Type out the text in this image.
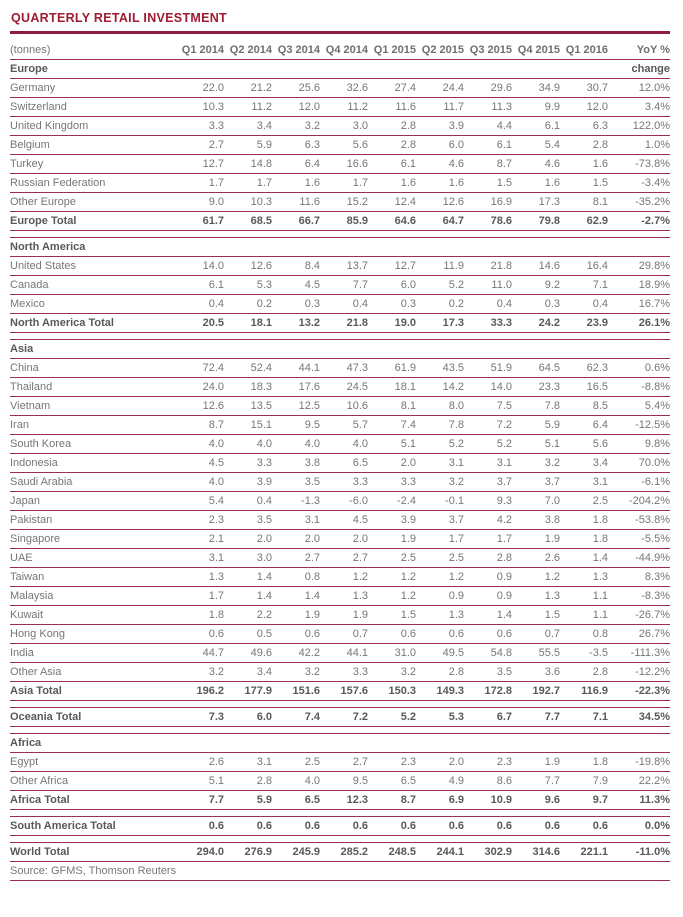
QUARTERLY RETAIL INVESTMENT
(tonnes)	Q1 2014	Q2 2014	Q3 2014	Q4 2014	Q1 2015	Q2 2015	Q3 2015	Q4 2015	Q1 2016	YoY %
Europe										change
Germany	22.0	21.2	25.6	32.6	27.4	24.4	29.6	34.9	30.7	12.0%
Switzerland	10.3	11.2	12.0	11.2	11.6	11.7	11.3	9.9	12.0	3.4%
United Kingdom	3.3	3.4	3.2	3.0	2.8	3.9	4.4	6.1	6.3	122.0%
Belgium	2.7	5.9	6.3	5.6	2.8	6.0	6.1	5.4	2.8	1.0%
Turkey	12.7	14.8	6.4	16.6	6.1	4.6	8.7	4.6	1.6	-73.8%
Russian Federation	1.7	1.7	1.6	1.7	1.6	1.6	1.5	1.6	1.5	-3.4%
Other Europe	9.0	10.3	11.6	15.2	12.4	12.6	16.9	17.3	8.1	-35.2%
Europe Total	61.7	68.5	66.7	85.9	64.6	64.7	78.6	79.8	62.9	-2.7%

North America										
United States	14.0	12.6	8.4	13.7	12.7	11.9	21.8	14.6	16.4	29.8%
Canada	6.1	5.3	4.5	7.7	6.0	5.2	11.0	9.2	7.1	18.9%
Mexico	0.4	0.2	0.3	0.4	0.3	0.2	0.4	0.3	0.4	16.7%
North America Total	20.5	18.1	13.2	21.8	19.0	17.3	33.3	24.2	23.9	26.1%

Asia										
China	72.4	52.4	44.1	47.3	61.9	43.5	51.9	64.5	62.3	0.6%
Thailand	24.0	18.3	17.6	24.5	18.1	14.2	14.0	23.3	16.5	-8.8%
Vietnam	12.6	13.5	12.5	10.6	8.1	8.0	7.5	7.8	8.5	5.4%
Iran	8.7	15.1	9.5	5.7	7.4	7.8	7.2	5.9	6.4	-12.5%
South Korea	4.0	4.0	4.0	4.0	5.1	5.2	5.2	5.1	5.6	9.8%
Indonesia	4.5	3.3	3.8	6.5	2.0	3.1	3.1	3.2	3.4	70.0%
Saudi Arabia	4.0	3.9	3.5	3.3	3.3	3.2	3.7	3.7	3.1	-6.1%
Japan	5.4	0.4	-1.3	-6.0	-2.4	-0.1	9.3	7.0	2.5	-204.2%
Pakistan	2.3	3.5	3.1	4.5	3.9	3.7	4.2	3.8	1.8	-53.8%
Singapore	2.1	2.0	2.0	2.0	1.9	1.7	1.7	1.9	1.8	-5.5%
UAE	3.1	3.0	2.7	2.7	2.5	2.5	2.8	2.6	1.4	-44.9%
Taiwan	1.3	1.4	0.8	1.2	1.2	1.2	0.9	1.2	1.3	8.3%
Malaysia	1.7	1.4	1.4	1.3	1.2	0.9	0.9	1.3	1.1	-8.3%
Kuwait	1.8	2.2	1.9	1.9	1.5	1.3	1.4	1.5	1.1	-26.7%
Hong Kong	0.6	0.5	0.6	0.7	0.6	0.6	0.6	0.7	0.8	26.7%
India	44.7	49.6	42.2	44.1	31.0	49.5	54.8	55.5	-3.5	-111.3%
Other Asia	3.2	3.4	3.2	3.3	3.2	2.8	3.5	3.6	2.8	-12.2%
Asia Total	196.2	177.9	151.6	157.6	150.3	149.3	172.8	192.7	116.9	-22.3%

Oceania Total	7.3	6.0	7.4	7.2	5.2	5.3	6.7	7.7	7.1	34.5%

Africa										
Egypt	2.6	3.1	2.5	2.7	2.3	2.0	2.3	1.9	1.8	-19.8%
Other Africa	5.1	2.8	4.0	9.5	6.5	4.9	8.6	7.7	7.9	22.2%
Africa Total	7.7	5.9	6.5	12.3	8.7	6.9	10.9	9.6	9.7	11.3%

South America Total	0.6	0.6	0.6	0.6	0.6	0.6	0.6	0.6	0.6	0.0%

World Total	294.0	276.9	245.9	285.2	248.5	244.1	302.9	314.6	221.1	-11.0%
Source: GFMS, Thomson Reuters										
